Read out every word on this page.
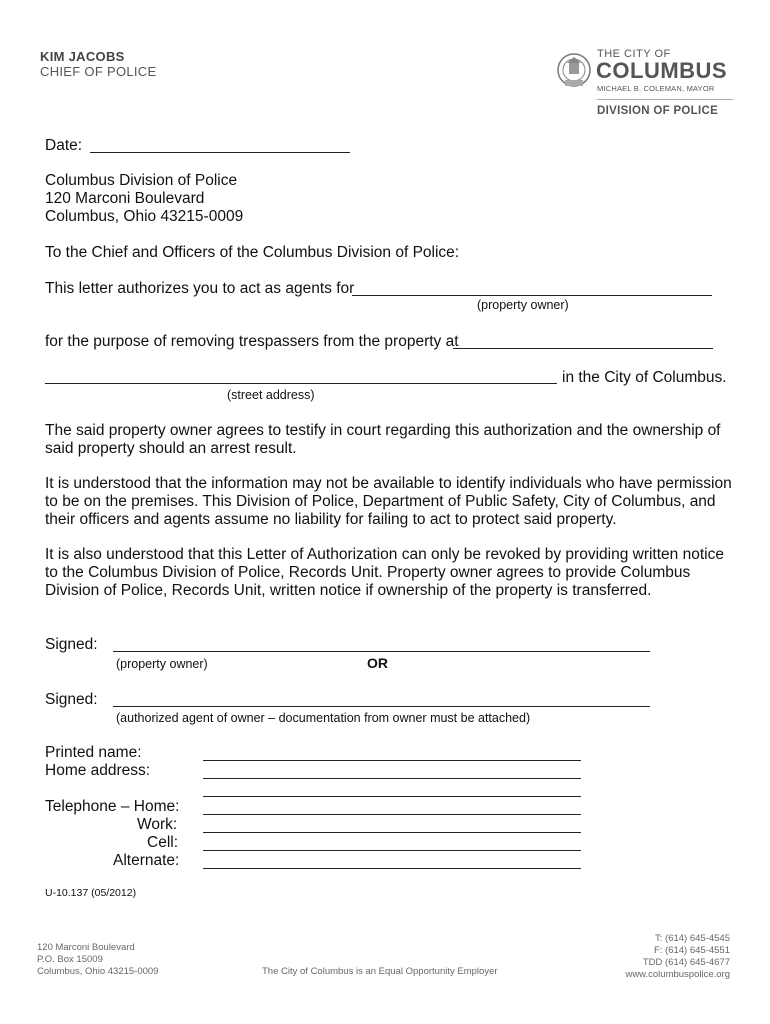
KIM JACOBS
CHIEF OF POLICE
THE CITY OF
COLUMBUS
MICHAEL B. COLEMAN, MAYOR
DIVISION OF POLICE
Date:
Columbus Division of Police
120 Marconi Boulevard
Columbus, Ohio 43215-0009
To the Chief and Officers of the Columbus Division of Police:
This letter authorizes you to act as agents for
(property owner)
for the purpose of removing trespassers from the property at
in the City of Columbus.
(street address)

The said property owner agrees to testify in court regarding this authorization and the ownership of said property should an arrest result.

It is understood that the information may not be available to identify individuals who have permission to be on the premises. This Division of Police, Department of Public Safety, City of Columbus, and their officers and agents assume no liability for failing to act to protect said property.

It is also understood that this Letter of Authorization can only be revoked by providing written notice to the Columbus Division of Police, Records Unit. Property owner agrees to provide Columbus Division of Police, Records Unit, written notice if ownership of the property is transferred.

Signed:
(property owner)	OR
Signed:
(authorized agent of owner – documentation from owner must be attached)
Printed name:
Home address:
Telephone – Home:
Work:
Cell:
Alternate:
U-10.137 (05/2012)
120 Marconi Boulevard
P.O. Box 15009
Columbus, Ohio 43215-0009	The City of Columbus is an Equal Opportunity Employer
T: (614) 645-4545
F: (614) 645-4551
TDD (614) 645-4677
www.columbuspolice.org
